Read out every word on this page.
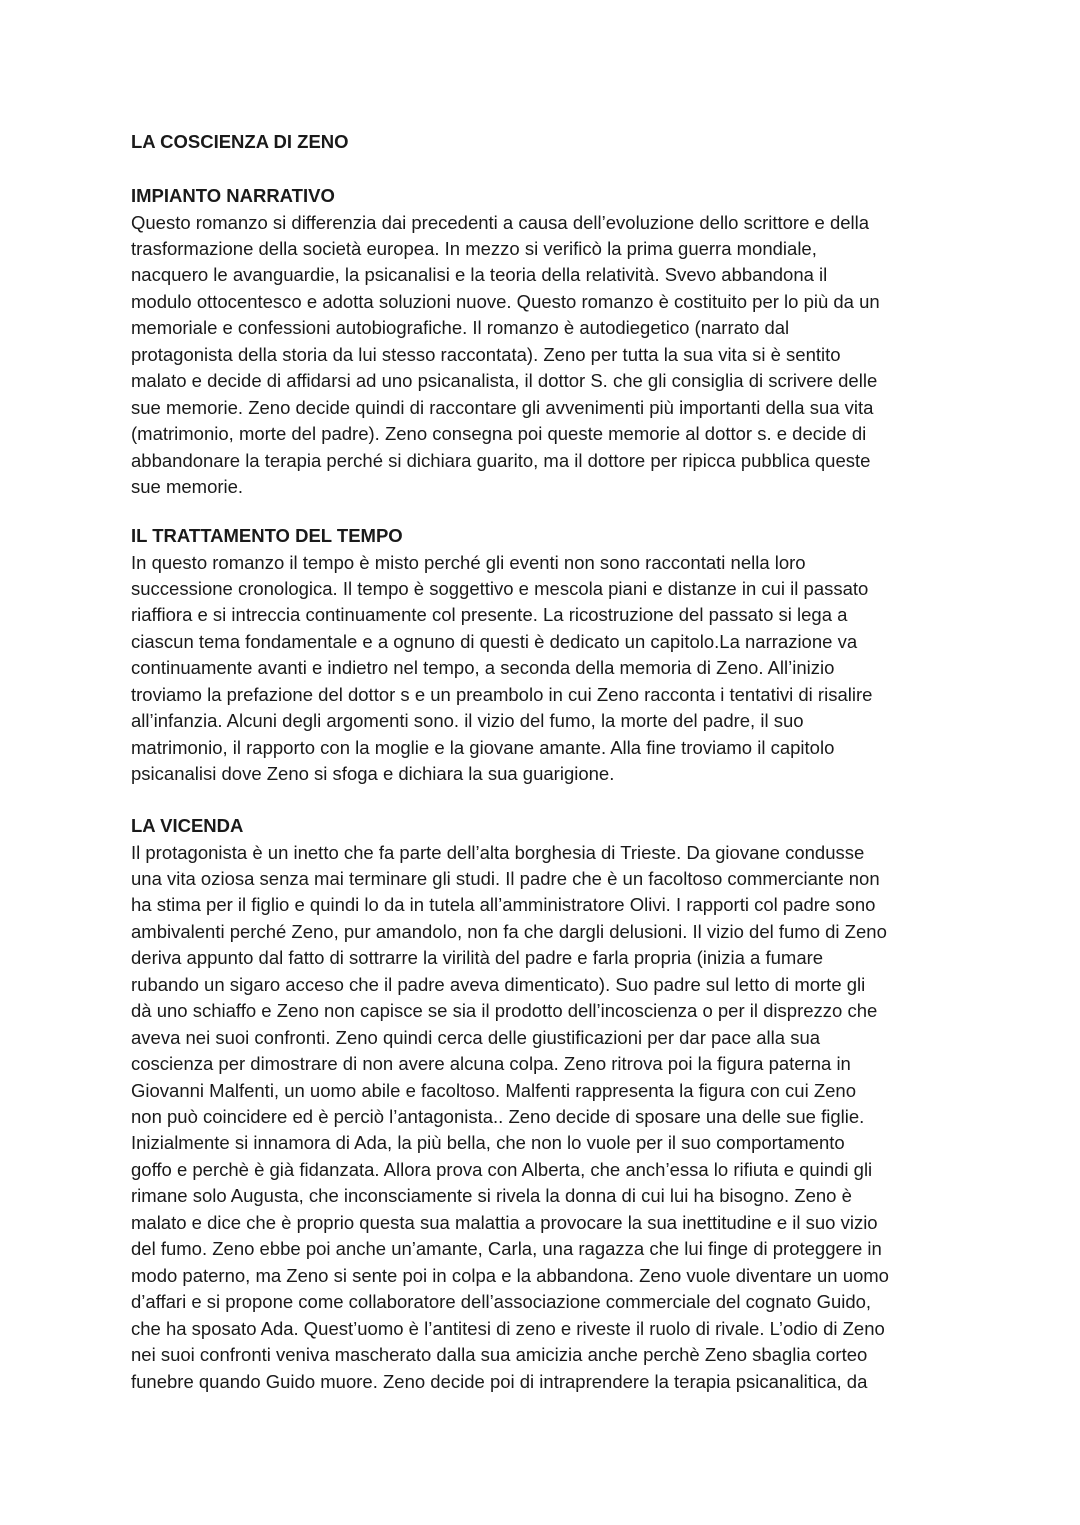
LA COSCIENZA DI ZENO
IMPIANTO NARRATIVO

Questo romanzo si differenzia dai precedenti a causa dell’evoluzione dello scrittore e della

trasformazione della società europea. In mezzo si verificò la prima guerra mondiale,

nacquero le avanguardie, la psicanalisi e la teoria della relatività. Svevo abbandona il

modulo ottocentesco e adotta soluzioni nuove. Questo romanzo è costituito per lo più da un

memoriale e confessioni autobiografiche. Il romanzo è autodiegetico (narrato dal

protagonista della storia da lui stesso raccontata). Zeno per tutta la sua vita si è sentito

malato e decide di affidarsi ad uno psicanalista, il dottor S. che gli consiglia di scrivere delle

sue memorie. Zeno decide quindi di raccontare gli avvenimenti più importanti della sua vita

(matrimonio, morte del padre). Zeno consegna poi queste memorie al dottor s. e decide di

abbandonare la terapia perché si dichiara guarito, ma il dottore per ripicca pubblica queste

sue memorie.

IL TRATTAMENTO DEL TEMPO

In questo romanzo il tempo è misto perché gli eventi non sono raccontati nella loro

successione cronologica. Il tempo è soggettivo e mescola piani e distanze in cui il passato

riaffiora e si intreccia continuamente col presente. La ricostruzione del passato si lega a

ciascun tema fondamentale e a ognuno di questi è dedicato un capitolo.La narrazione va

continuamente avanti e indietro nel tempo, a seconda della memoria di Zeno. All’inizio

troviamo la prefazione del dottor s e un preambolo in cui Zeno racconta i tentativi di risalire

all’infanzia. Alcuni degli argomenti sono. il vizio del fumo, la morte del padre, il suo

matrimonio, il rapporto con la moglie e la giovane amante. Alla fine troviamo il capitolo

psicanalisi dove Zeno si sfoga e dichiara la sua guarigione.

LA VICENDA

Il protagonista è un inetto che fa parte dell’alta borghesia di Trieste. Da giovane condusse

una vita oziosa senza mai terminare gli studi. Il padre che è un facoltoso commerciante non

ha stima per il figlio e quindi lo da in tutela all’amministratore Olivi. I rapporti col padre sono

ambivalenti perché Zeno, pur amandolo, non fa che dargli delusioni. Il vizio del fumo di Zeno

deriva appunto dal fatto di sottrarre la virilità del padre e farla propria (inizia a fumare

rubando un sigaro acceso che il padre aveva dimenticato). Suo padre sul letto di morte gli

dà uno schiaffo e Zeno non capisce se sia il prodotto dell’incoscienza o per il disprezzo che

aveva nei suoi confronti. Zeno quindi cerca delle giustificazioni per dar pace alla sua

coscienza per dimostrare di non avere alcuna colpa. Zeno ritrova poi la figura paterna in

Giovanni Malfenti, un uomo abile e facoltoso. Malfenti rappresenta la figura con cui Zeno

non può coincidere ed è perciò l’antagonista.. Zeno decide di sposare una delle sue figlie.

Inizialmente si innamora di Ada, la più bella, che non lo vuole per il suo comportamento

goffo e perchè è già fidanzata. Allora prova con Alberta, che anch’essa lo rifiuta e quindi gli

rimane solo Augusta, che inconsciamente si rivela la donna di cui lui ha bisogno. Zeno è

malato e dice che è proprio questa sua malattia a provocare la sua inettitudine e il suo vizio

del fumo. Zeno ebbe poi anche un’amante, Carla, una ragazza che lui finge di proteggere in

modo paterno, ma Zeno si sente poi in colpa e la abbandona. Zeno vuole diventare un uomo

d’affari e si propone come collaboratore dell’associazione commerciale del cognato Guido,

che ha sposato Ada. Quest’uomo è l’antitesi di zeno e riveste il ruolo di rivale. L’odio di Zeno

nei suoi confronti veniva mascherato dalla sua amicizia anche perchè Zeno sbaglia corteo

funebre quando Guido muore. Zeno decide poi di intraprendere la terapia psicanalitica, da
